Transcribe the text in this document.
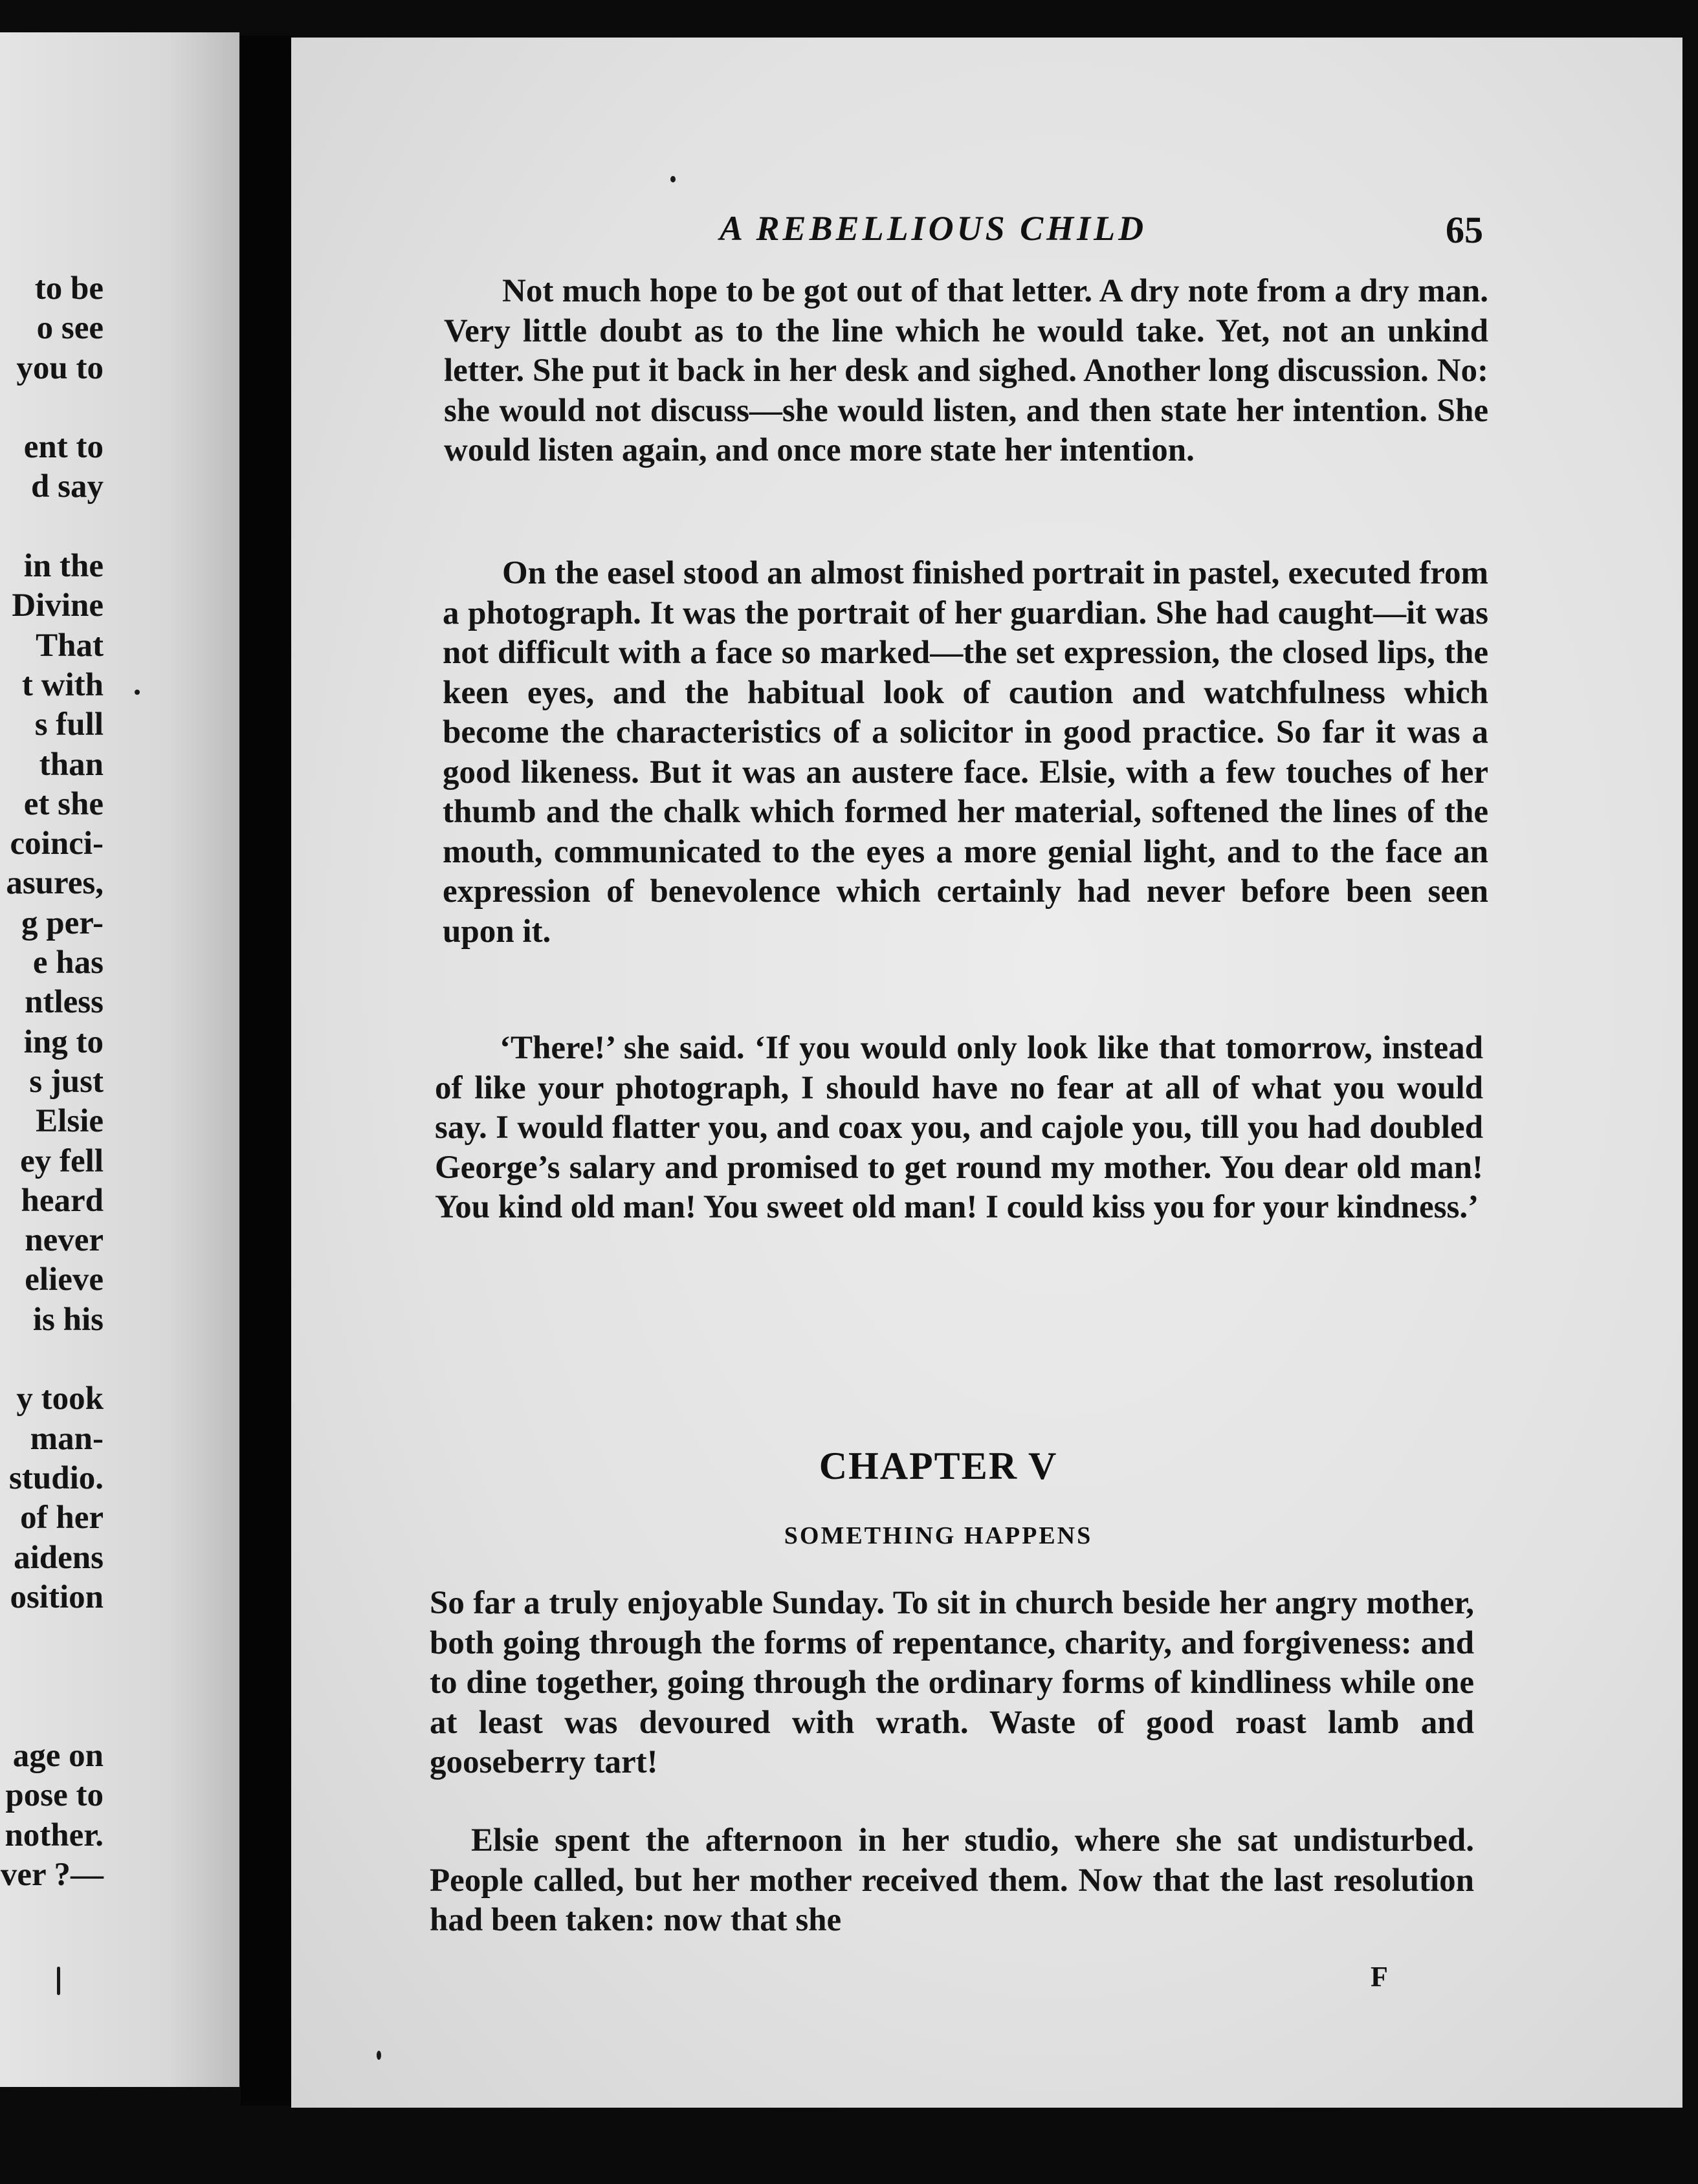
to be
o see
you to

ent to
d say

in the
Divine
That
t with
s full
than
et she
coinci-
asures,
g per-
e has
ntless
ing to
s just
Elsie
ey fell
heard
never
elieve
is his

y took
man-
studio.
of her
aidens
osition

age on
pose to
nother.
ver ?—
A REBELLIOUS CHILD	65

Not much hope to be got out of that letter. A dry note from a dry man. Very little doubt as to the line which he would take. Yet, not an unkind letter. She put it back in her desk and sighed. Another long discussion. No: she would not discuss—she would listen, and then state her intention. She would listen again, and once more state her intention.

On the easel stood an almost finished portrait in pastel, executed from a photograph. It was the portrait of her guardian. She had caught—it was not difficult with a face so marked—the set expression, the closed lips, the keen eyes, and the habitual look of caution and watchfulness which become the characteristics of a solicitor in good practice. So far it was a good likeness. But it was an austere face. Elsie, with a few touches of her thumb and the chalk which formed her material, softened the lines of the mouth, communicated to the eyes a more genial light, and to the face an expression of benevolence which certainly had never before been seen upon it.

‘There!’ she said. ‘If you would only look like that tomorrow, instead of like your photograph, I should have no fear at all of what you would say. I would flatter you, and coax you, and cajole you, till you had doubled George’s salary and promised to get round my mother. You dear old man! You kind old man! You sweet old man! I could kiss you for your kindness.’

CHAPTER V
SOMETHING HAPPENS

So far a truly enjoyable Sunday. To sit in church beside her angry mother, both going through the forms of repentance, charity, and forgiveness: and to dine together, going through the ordinary forms of kindliness while one at least was devoured with wrath. Waste of good roast lamb and gooseberry tart!

Elsie spent the afternoon in her studio, where she sat undisturbed. People called, but her mother received them. Now that the last resolution had been taken: now that she

F
